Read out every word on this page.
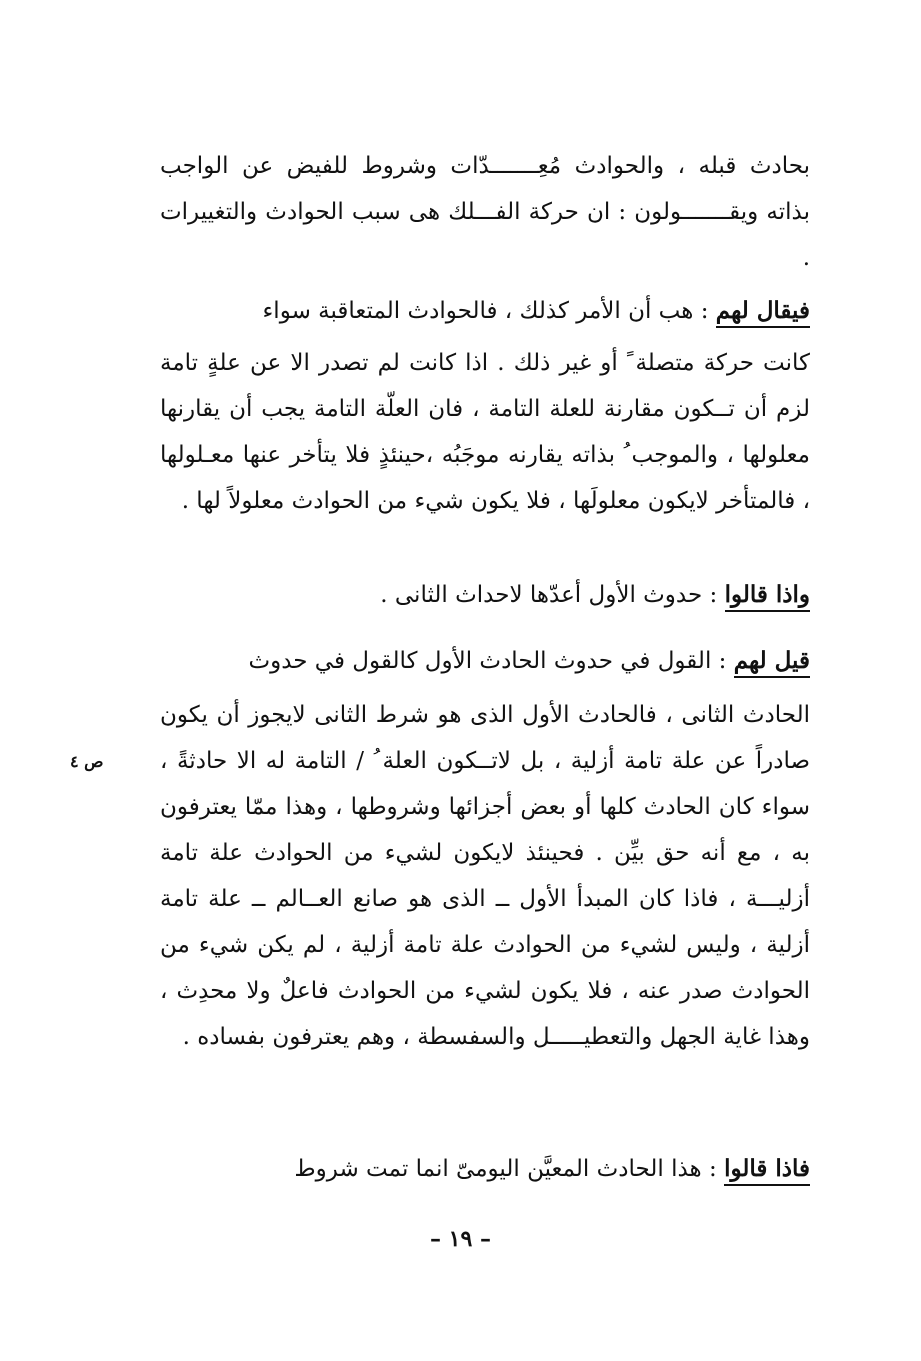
بحادث قبله ، والحوادث مُعِـــــــدّات وشروط للفيض عن الواجب بذاته ويقـــــــولون : ان حركة الفـــلك هى سبب الحوادث والتغييرات .

فيقال لهم : هب أن الأمر كذلك ، فالحوادث المتعاقبة سواء

كانت حركة متصلة ً أو غير ذلك . اذا كانت لم تصدر الا عن علةٍ تامة لزم أن تــكون مقارنة للعلة التامة ، فان العلّة التامة يجب أن يقارنها معلولها ، والموجب ُ بذاته يقارنه موجَبُه ،حينئذٍ فلا يتأخر عنها معـلولها ، فالمتأخر لايكون معلولَها ، فلا يكون شيء من الحوادث معلولاً لها .

واذا قالوا : حدوث الأول أعدّها لاحداث الثانى .

قيل لهم : القول في حدوث الحادث الأول كالقول في حدوث

الحادث الثانى ، فالحادث الأول الذى هو شرط الثانى لايجوز أن يكون صادراً عن علة تامة أزلية ، بل لاتــكون العلة ُ / التامة له الا حادثةً ، سواء كان الحادث كلها أو بعض أجزائها وشروطها ، وهذا ممّا يعترفون به ، مع أنه حق بيِّن . فحينئذ لايكون لشيء من الحوادث علة تامة أزليـــة ، فاذا كان المبدأ الأول ــ الذى هو صانع العــالم ــ علة تامة أزلية ، وليس لشيء من الحوادث علة تامة أزلية ، لم يكن شيء من الحوادث صدر عنه ، فلا يكون لشيء من الحوادث فاعلٌ ولا محدِث ، وهذا غاية الجهل والتعطيـــــل والسفسطة ، وهم يعترفون بفساده .

فاذا قالوا : هذا الحادث المعيَّن اليومىّ انما تمت شروط

ص ٤
– ١٩ –
